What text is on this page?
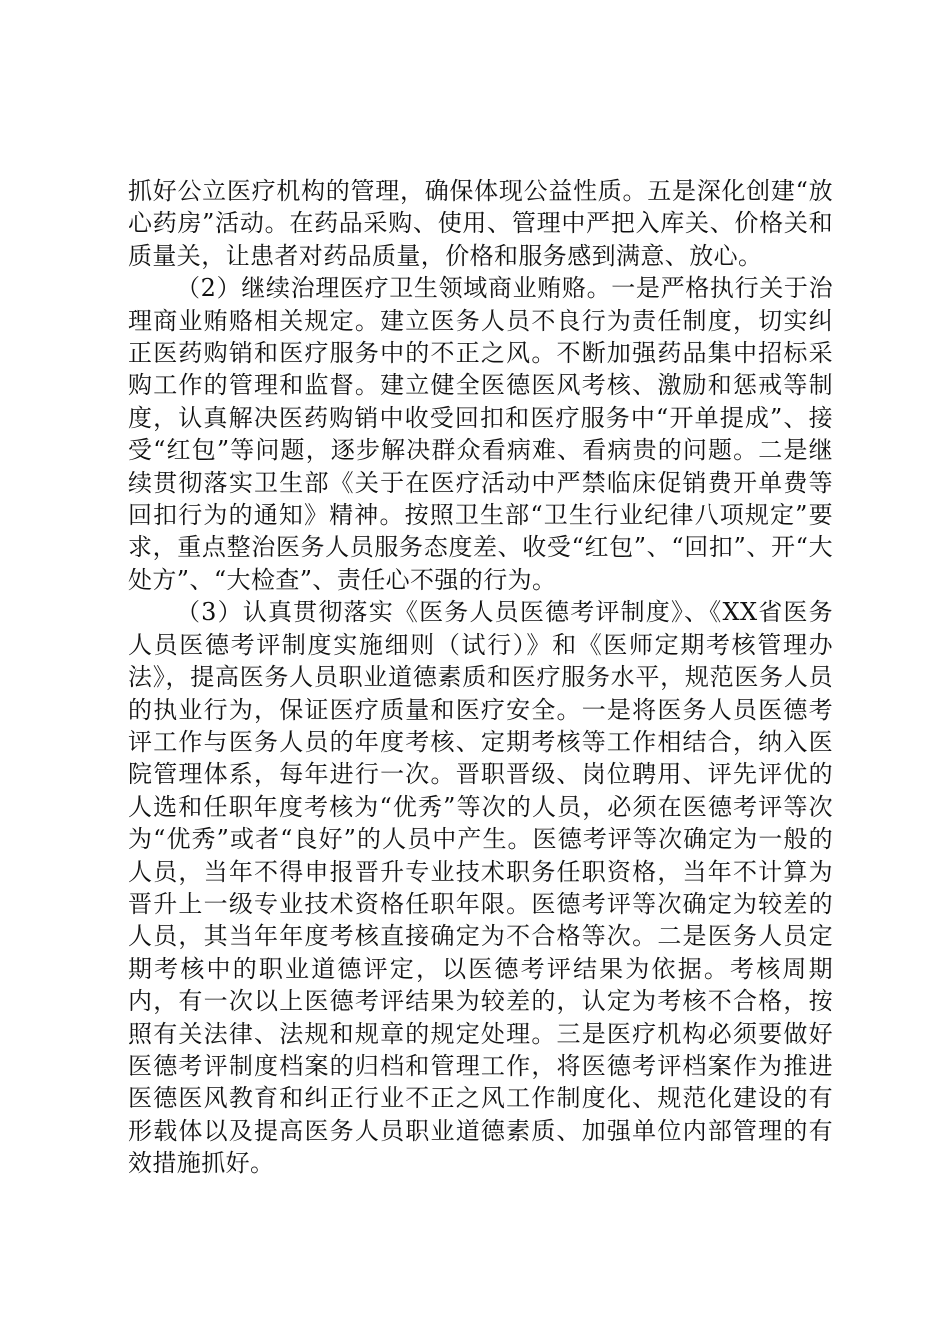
抓好公立医疗机构的管理，确保体现公益性质。五是深化创建“放心药房”活动。在药品采购、使用、管理中严把入库关、价格关和质量关，让患者对药品质量，价格和服务感到满意、放心。

（2）继续治理医疗卫生领域商业贿赂。一是严格执行关于治理商业贿赂相关规定。建立医务人员不良行为责任制度，切实纠正医药购销和医疗服务中的不正之风。不断加强药品集中招标采购工作的管理和监督。建立健全医德医风考核、激励和惩戒等制度，认真解决医药购销中收受回扣和医疗服务中“开单提成”、接受“红包”等问题，逐步解决群众看病难、看病贵的问题。二是继续贯彻落实卫生部《关于在医疗活动中严禁临床促销费开单费等回扣行为的通知》精神。按照卫生部“卫生行业纪律八项规定”要求，重点整治医务人员服务态度差、收受“红包”、“回扣”、开“大处方”、“大检查”、责任心不强的行为。

（3）认真贯彻落实《医务人员医德考评制度》、《XX省医务人员医德考评制度实施细则（试行）》和《医师定期考核管理办法》，提高医务人员职业道德素质和医疗服务水平，规范医务人员的执业行为，保证医疗质量和医疗安全。一是将医务人员医德考评工作与医务人员的年度考核、定期考核等工作相结合，纳入医院管理体系，每年进行一次。晋职晋级、岗位聘用、评先评优的人选和任职年度考核为“优秀”等次的人员，必须在医德考评等次为“优秀”或者“良好”的人员中产生。医德考评等次确定为一般的人员，当年不得申报晋升专业技术职务任职资格，当年不计算为晋升上一级专业技术资格任职年限。医德考评等次确定为较差的人员，其当年年度考核直接确定为不合格等次。二是医务人员定期考核中的职业道德评定，以医德考评结果为依据。考核周期内，有一次以上医德考评结果为较差的，认定为考核不合格，按照有关法律、法规和规章的规定处理。三是医疗机构必须要做好医德考评制度档案的归档和管理工作，将医德考评档案作为推进医德医风教育和纠正行业不正之风工作制度化、规范化建设的有形载体以及提高医务人员职业道德素质、加强单位内部管理的有效措施抓好。
